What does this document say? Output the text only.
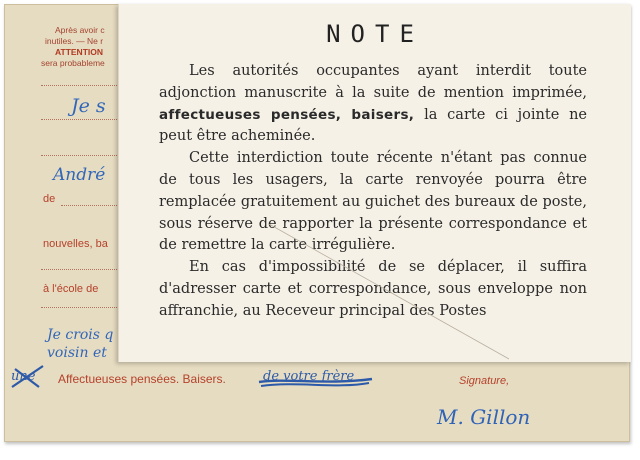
Après avoir c
inutiles. — Ne r
ATTENTION
sera probableme
Je s
André
de
nouvelles, ba
à l'école de
Je crois q
voisin et
une Affectueuses pensées. Baisers.	de votre frère	Signature,
M. Gillon
NOTE

Les autorités occupantes ayant interdit toute adjonction manuscrite à la suite de mention imprimée, affectueuses pensées, baisers, la carte ci jointe ne peut être acheminée.

Cette interdiction toute récente n'étant pas connue de tous les usagers, la carte renvoyée pourra être remplacée gratuitement au guichet des bureaux de poste, sous réserve de rapporter la présente correspondance et de remettre la carte irrégulière.

En cas d'impossibilité de se déplacer, il suffira d'adresser carte et correspondance, sous enveloppe non affranchie, au Receveur principal des Postes
